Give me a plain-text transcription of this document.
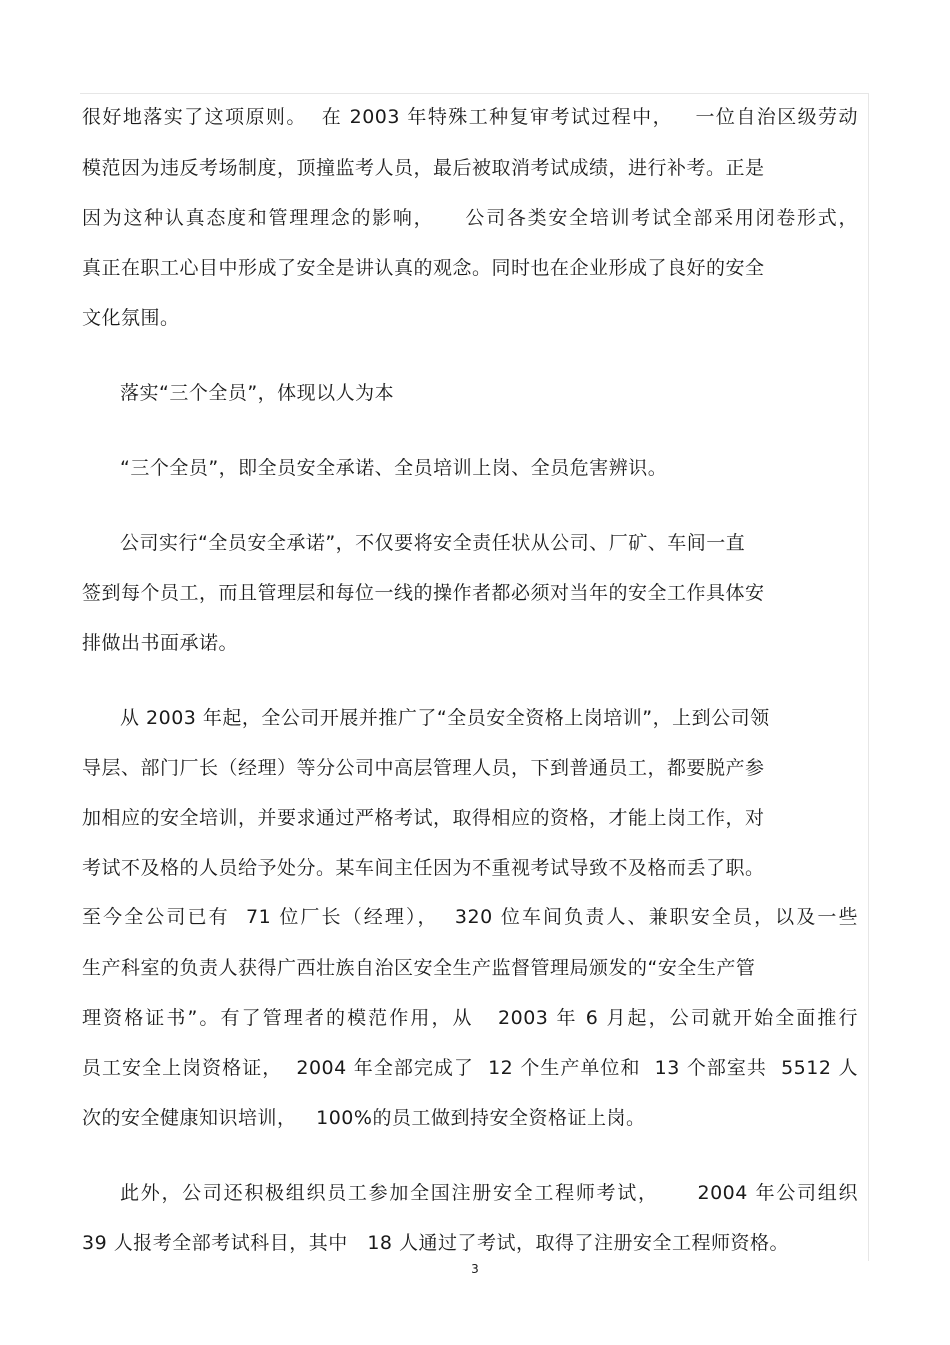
很好地落实了这项原则。  在 2003 年特殊工种复审考试过程中，   一位自治区级劳动
模范因为违反考场制度，顶撞监考人员，最后被取消考试成绩，进行补考。正是
因为这种认真态度和管理理念的影响，    公司各类安全培训考试全部采用闭卷形式，
真正在职工心目中形成了安全是讲认真的观念。同时也在企业形成了良好的安全
文化氛围。
落实“三个全员”，体现以人为本
“三个全员”，即全员安全承诺、全员培训上岗、全员危害辨识。
公司实行“全员安全承诺”，不仅要将安全责任状从公司、厂矿、车间一直
签到每个员工，而且管理层和每位一线的操作者都必须对当年的安全工作具体安
排做出书面承诺。
从 2003 年起，全公司开展并推广了“全员安全资格上岗培训”，上到公司领
导层、部门厂长（经理）等分公司中高层管理人员，下到普通员工，都要脱产参
加相应的安全培训，并要求通过严格考试，取得相应的资格，才能上岗工作，对
考试不及格的人员给予处分。某车间主任因为不重视考试导致不及格而丢了职。
至今全公司已有  71 位厂长（经理），  320 位车间负责人、兼职安全员，以及一些
生产科室的负责人获得广西壮族自治区安全生产监督管理局颁发的“安全生产管
理资格证书”。有了管理者的模范作用，从   2003 年 6 月起，公司就开始全面推行
员工安全上岗资格证，  2004 年全部完成了  12 个生产单位和  13 个部室共  5512 人
次的安全健康知识培训，   100%的员工做到持安全资格证上岗。
此外，公司还积极组织员工参加全国注册安全工程师考试，     2004 年公司组织
39 人报考全部考试科目，其中   18 人通过了考试，取得了注册安全工程师资格。
3
